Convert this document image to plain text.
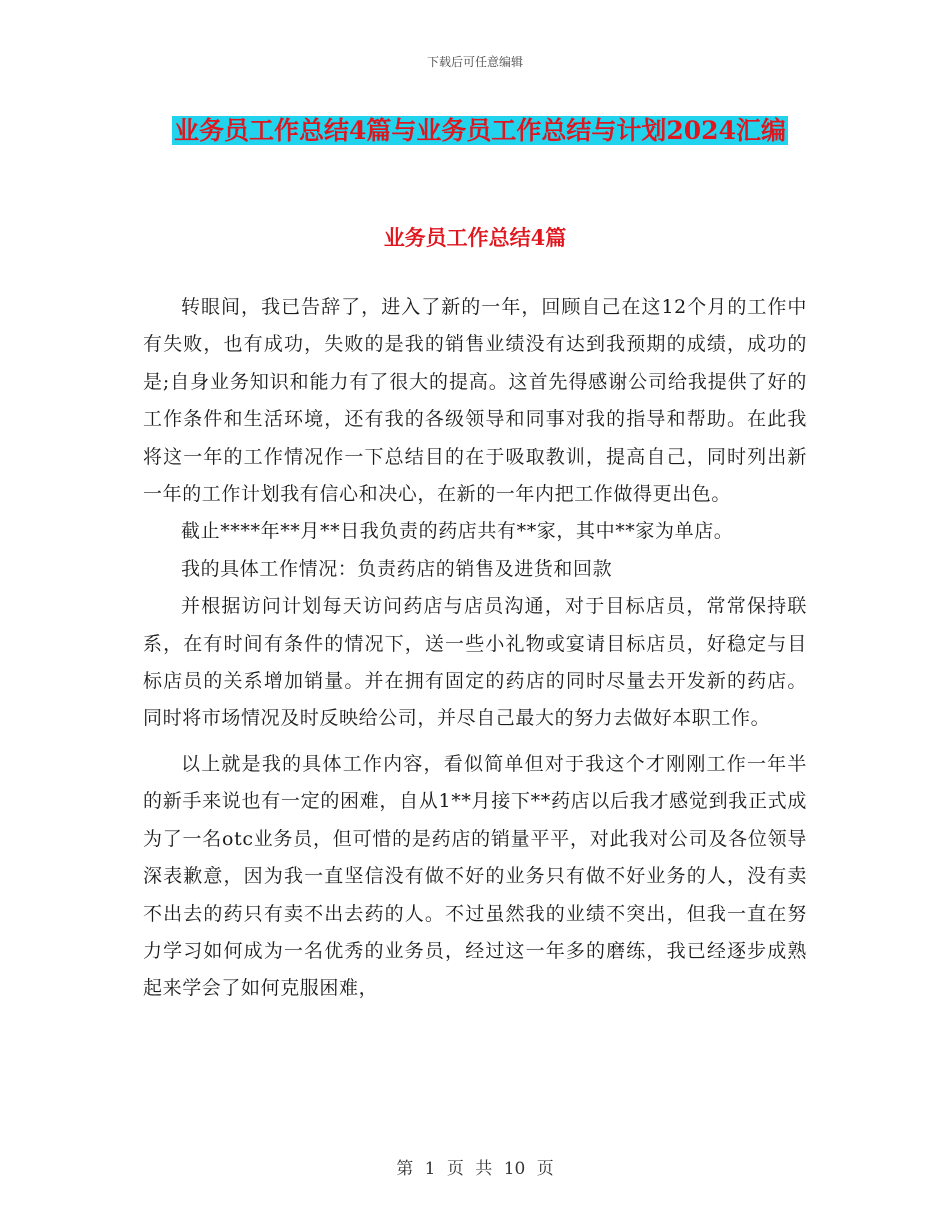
下载后可任意编辑
业务员工作总结4篇与业务员工作总结与计划2024汇编
业务员工作总结4篇

转眼间，我已告辞了，进入了新的一年，回顾自己在这12个月的工作中有失败，也有成功，失败的是我的销售业绩没有达到我预期的成绩，成功的是;自身业务知识和能力有了很大的提高。这首先得感谢公司给我提供了好的工作条件和生活环境，还有我的各级领导和同事对我的指导和帮助。在此我将这一年的工作情况作一下总结目的在于吸取教训，提高自己，同时列出新一年的工作计划我有信心和决心，在新的一年内把工作做得更出色。

截止****年**月**日我负责的药店共有**家，其中**家为单店。

我的具体工作情况：负责药店的销售及进货和回款

并根据访问计划每天访问药店与店员沟通，对于目标店员，常常保持联系，在有时间有条件的情况下，送一些小礼物或宴请目标店员，好稳定与目标店员的关系增加销量。并在拥有固定的药店的同时尽量去开发新的药店。同时将市场情况及时反映给公司，并尽自己最大的努力去做好本职工作。

以上就是我的具体工作内容，看似简单但对于我这个才刚刚工作一年半的新手来说也有一定的困难，自从1**月接下**药店以后我才感觉到我正式成为了一名otc业务员，但可惜的是药店的销量平平，对此我对公司及各位领导深表歉意，因为我一直坚信没有做不好的业务只有做不好业务的人，没有卖不出去的药只有卖不出去药的人。不过虽然我的业绩不突出，但我一直在努力学习如何成为一名优秀的业务员，经过这一年多的磨练，我已经逐步成熟起来学会了如何克服困难，

第 1 页 共 10 页
